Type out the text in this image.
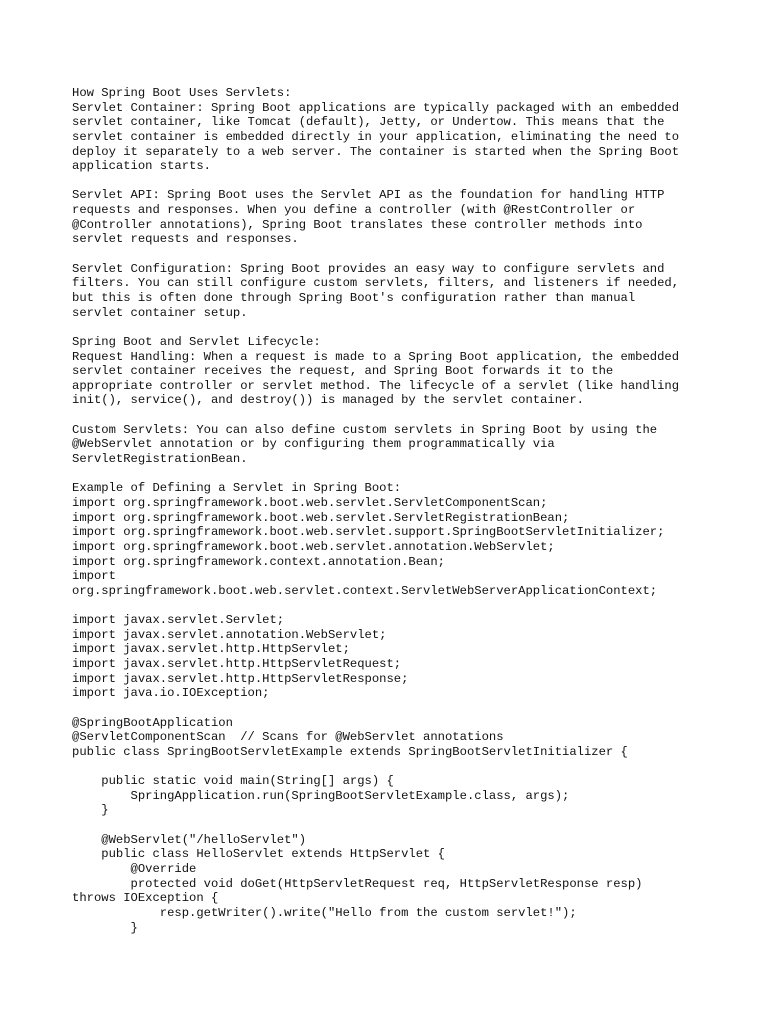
How Spring Boot Uses Servlets:
Servlet Container: Spring Boot applications are typically packaged with an embedded
servlet container, like Tomcat (default), Jetty, or Undertow. This means that the
servlet container is embedded directly in your application, eliminating the need to
deploy it separately to a web server. The container is started when the Spring Boot
application starts.
Servlet API: Spring Boot uses the Servlet API as the foundation for handling HTTP
requests and responses. When you define a controller (with @RestController or
@Controller annotations), Spring Boot translates these controller methods into
servlet requests and responses.
Servlet Configuration: Spring Boot provides an easy way to configure servlets and
filters. You can still configure custom servlets, filters, and listeners if needed,
but this is often done through Spring Boot's configuration rather than manual
servlet container setup.
Spring Boot and Servlet Lifecycle:
Request Handling: When a request is made to a Spring Boot application, the embedded
servlet container receives the request, and Spring Boot forwards it to the
appropriate controller or servlet method. The lifecycle of a servlet (like handling
init(), service(), and destroy()) is managed by the servlet container.
Custom Servlets: You can also define custom servlets in Spring Boot by using the
@WebServlet annotation or by configuring them programmatically via
ServletRegistrationBean.
Example of Defining a Servlet in Spring Boot:
import org.springframework.boot.web.servlet.ServletComponentScan;
import org.springframework.boot.web.servlet.ServletRegistrationBean;
import org.springframework.boot.web.servlet.support.SpringBootServletInitializer;
import org.springframework.boot.web.servlet.annotation.WebServlet;
import org.springframework.context.annotation.Bean;
import
org.springframework.boot.web.servlet.context.ServletWebServerApplicationContext;
import javax.servlet.Servlet;
import javax.servlet.annotation.WebServlet;
import javax.servlet.http.HttpServlet;
import javax.servlet.http.HttpServletRequest;
import javax.servlet.http.HttpServletResponse;
import java.io.IOException;
@SpringBootApplication
@ServletComponentScan  // Scans for @WebServlet annotations
public class SpringBootServletExample extends SpringBootServletInitializer {
public static void main(String[] args) {
SpringApplication.run(SpringBootServletExample.class, args);
}
@WebServlet("/helloServlet")
public class HelloServlet extends HttpServlet {
@Override
protected void doGet(HttpServletRequest req, HttpServletResponse resp)
throws IOException {
resp.getWriter().write("Hello from the custom servlet!");
}
